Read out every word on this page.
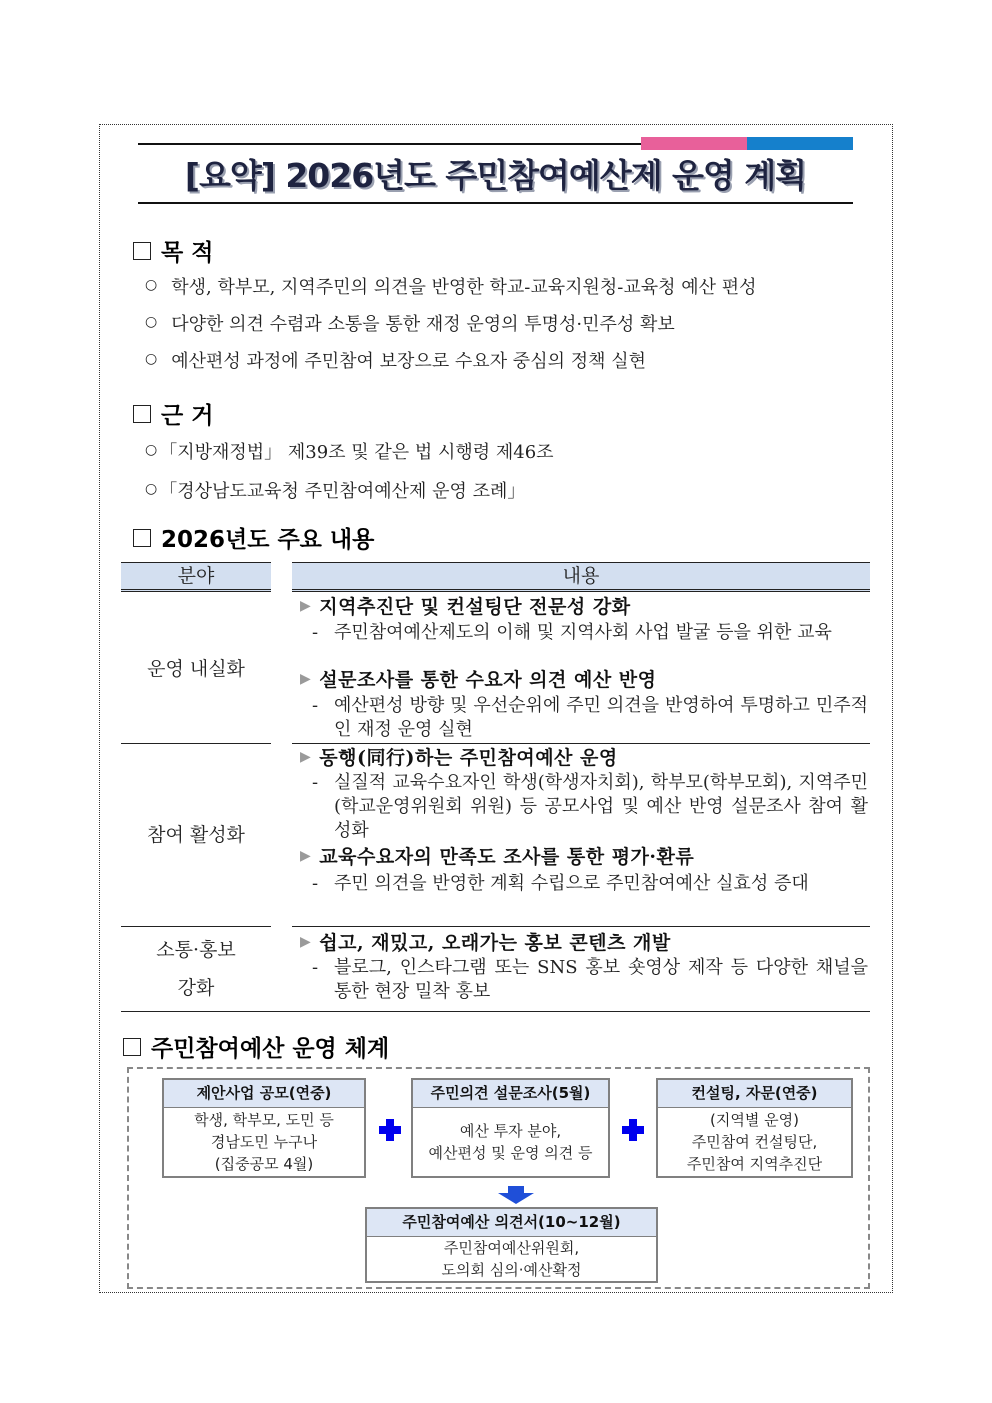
[요약] 2026년도 주민참여예산제 운영 계획
목 적
○ 학생, 학부모, 지역주민의 의견을 반영한 학교-교육지원청-교육청 예산 편성
○ 다양한 의견 수렴과 소통을 통한 재정 운영의 투명성·민주성 확보
○ 예산편성 과정에 주민참여 보장으로 수요자 중심의 정책 실현
근 거
○ 「지방재정법」 제39조 및 같은 법 시행령 제46조
○ 「경상남도교육청 주민참여예산제 운영 조례」
2026년도 주요 내용
분야	내용
운영 내실화
▶ 지역추진단 및 컨설팅단 전문성 강화
- 주민참여예산제도의 이해 및 지역사회 사업 발굴 등을 위한 교육
▶ 설문조사를 통한 수요자 의견 예산 반영
- 예산편성 방향 및 우선순위에 주민 의견을 반영하여 투명하고 민주적인 재정 운영 실현
참여 활성화
▶ 동행(同行)하는 주민참여예산 운영
- 실질적 교육수요자인 학생(학생자치회), 학부모(학부모회), 지역주민(학교운영위원회 위원) 등 공모사업 및 예산 반영 설문조사 참여 활성화
▶ 교육수요자의 만족도 조사를 통한 평가·환류
- 주민 의견을 반영한 계획 수립으로 주민참여예산 실효성 증대
소통·홍보
강화
▶ 쉽고, 재밌고, 오래가는 홍보 콘텐츠 개발
- 블로그, 인스타그램 또는 SNS 홍보 숏영상 제작 등 다양한 채널을 통한 현장 밀착 홍보
주민참여예산 운영 체계
제안사업 공모(연중)
학생, 학부모, 도민 등
경남도민 누구나
(집중공모 4월)
주민의견 설문조사(5월)
예산 투자 분야,
예산편성 및 운영 의견 등
컨설팅, 자문(연중)
(지역별 운영)
주민참여 컨설팅단,
주민참여 지역추진단
주민참여예산 의견서(10~12월)
주민참여예산위원회,
도의회 심의·예산확정
